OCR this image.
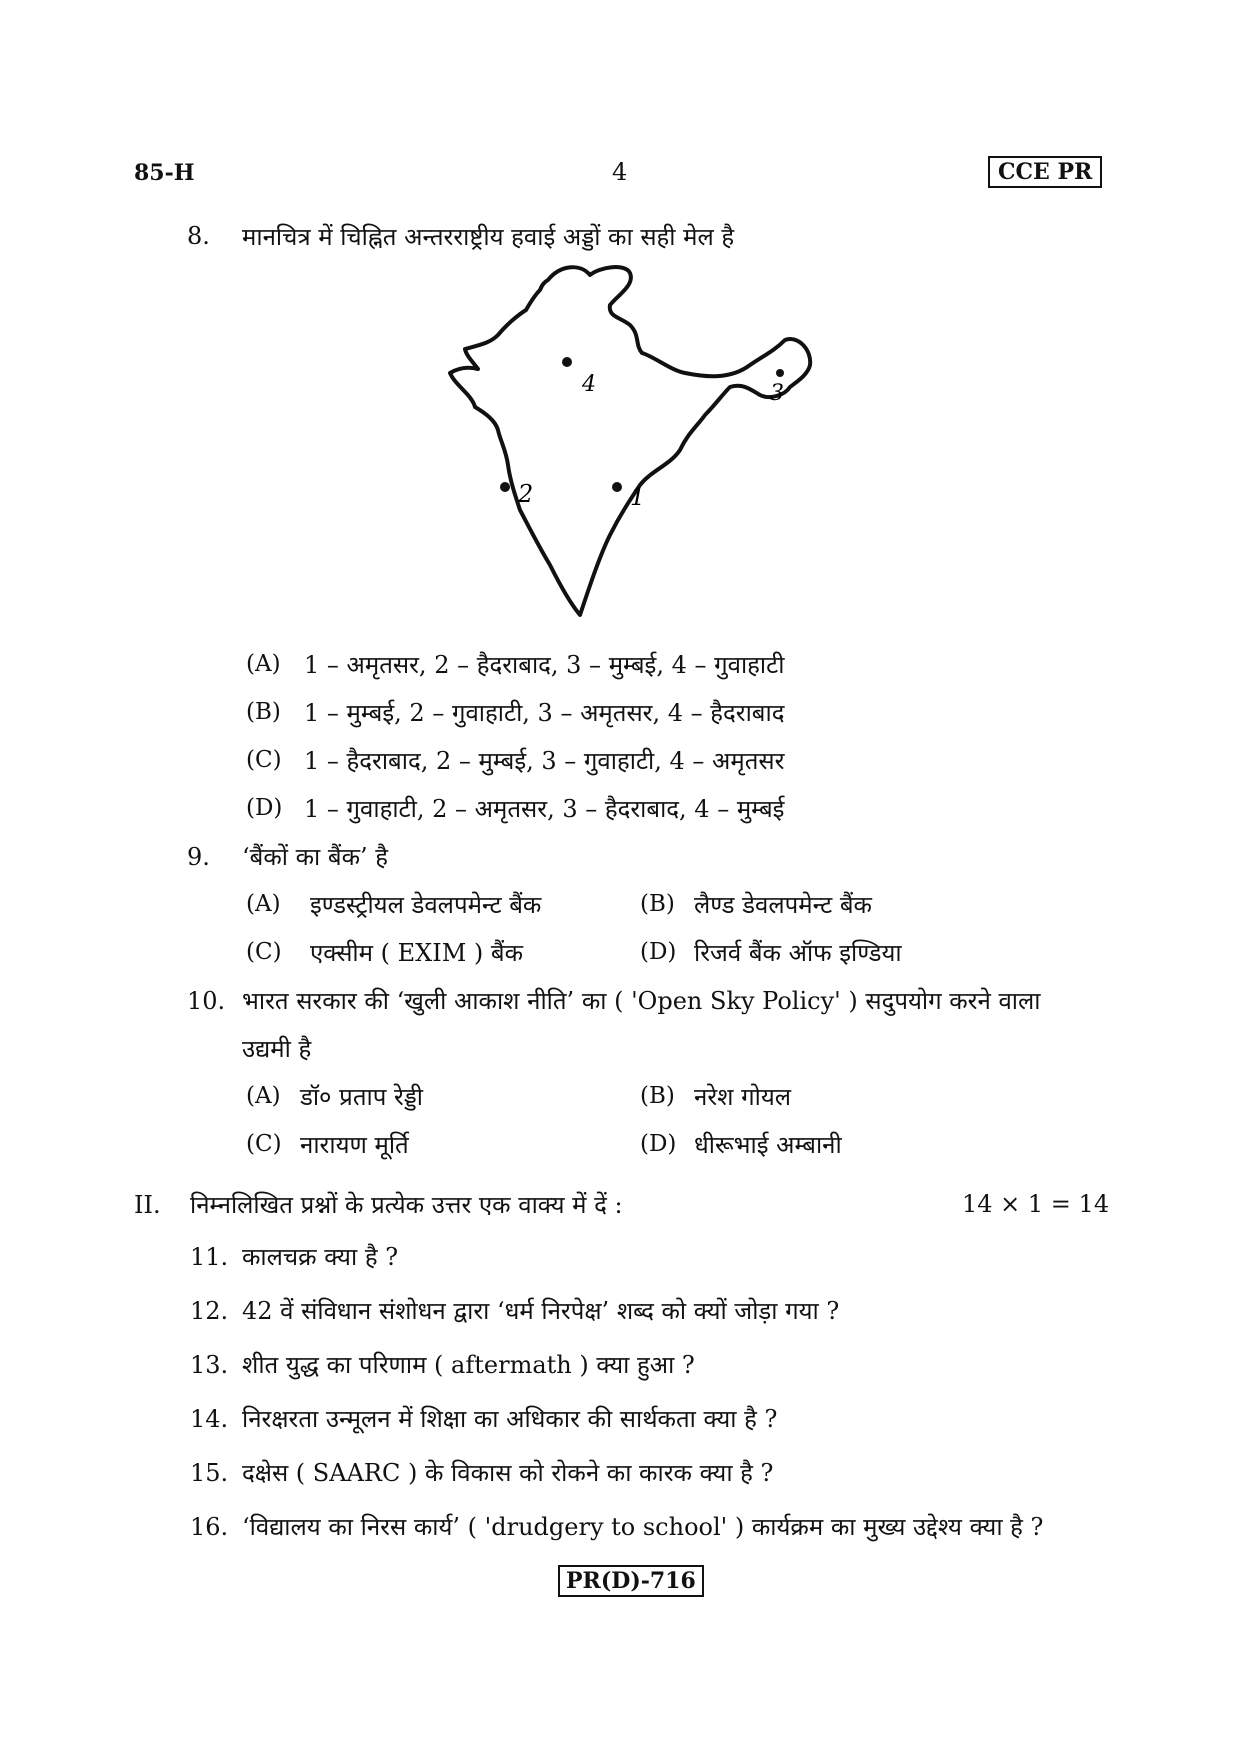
85-H	4	CCE PR
8. मानचित्र में चिह्नित अन्तरराष्ट्रीय हवाई अड्डों का सही मेल है
4
2	1
3
(A) 1 – अमृतसर, 2 – हैदराबाद, 3 – मुम्बई, 4 – गुवाहाटी
(B) 1 – मुम्बई, 2 – गुवाहाटी, 3 – अमृतसर, 4 – हैदराबाद
(C) 1 – हैदराबाद, 2 – मुम्बई, 3 – गुवाहाटी, 4 – अमृतसर
(D) 1 – गुवाहाटी, 2 – अमृतसर, 3 – हैदराबाद, 4 – मुम्बई
9. ‘बैंकों का बैंक’ है
(A) इण्डस्ट्रीयल डेवलपमेन्ट बैंक	(B) लैण्ड डेवलपमेन्ट बैंक
(C) एक्सीम ( EXIM ) बैंक	(D) रिजर्व बैंक ऑफ इण्डिया
10. भारत सरकार की ‘खुली आकाश नीति’ का ( 'Open Sky Policy' ) सदुपयोग करने वाला
उद्यमी है
(A) डॉ० प्रताप रेड्डी	(B) नरेश गोयल
(C) नारायण मूर्ति	(D) धीरूभाई अम्बानी
II. निम्नलिखित प्रश्नों के प्रत्येक उत्तर एक वाक्य में दें :	14 × 1 = 14
11. कालचक्र क्या है ?
12. 42 वें संविधान संशोधन द्वारा ‘धर्म निरपेक्ष’ शब्द को क्यों जोड़ा गया ?
13. शीत युद्ध का परिणाम ( aftermath ) क्या हुआ ?
14. निरक्षरता उन्मूलन में शिक्षा का अधिकार की सार्थकता क्या है ?
15. दक्षेस ( SAARC ) के विकास को रोकने का कारक क्या है ?
16. ‘विद्यालय का निरस कार्य’ ( 'drudgery to school' ) कार्यक्रम का मुख्य उद्देश्य क्या है ?
PR(D)-716
